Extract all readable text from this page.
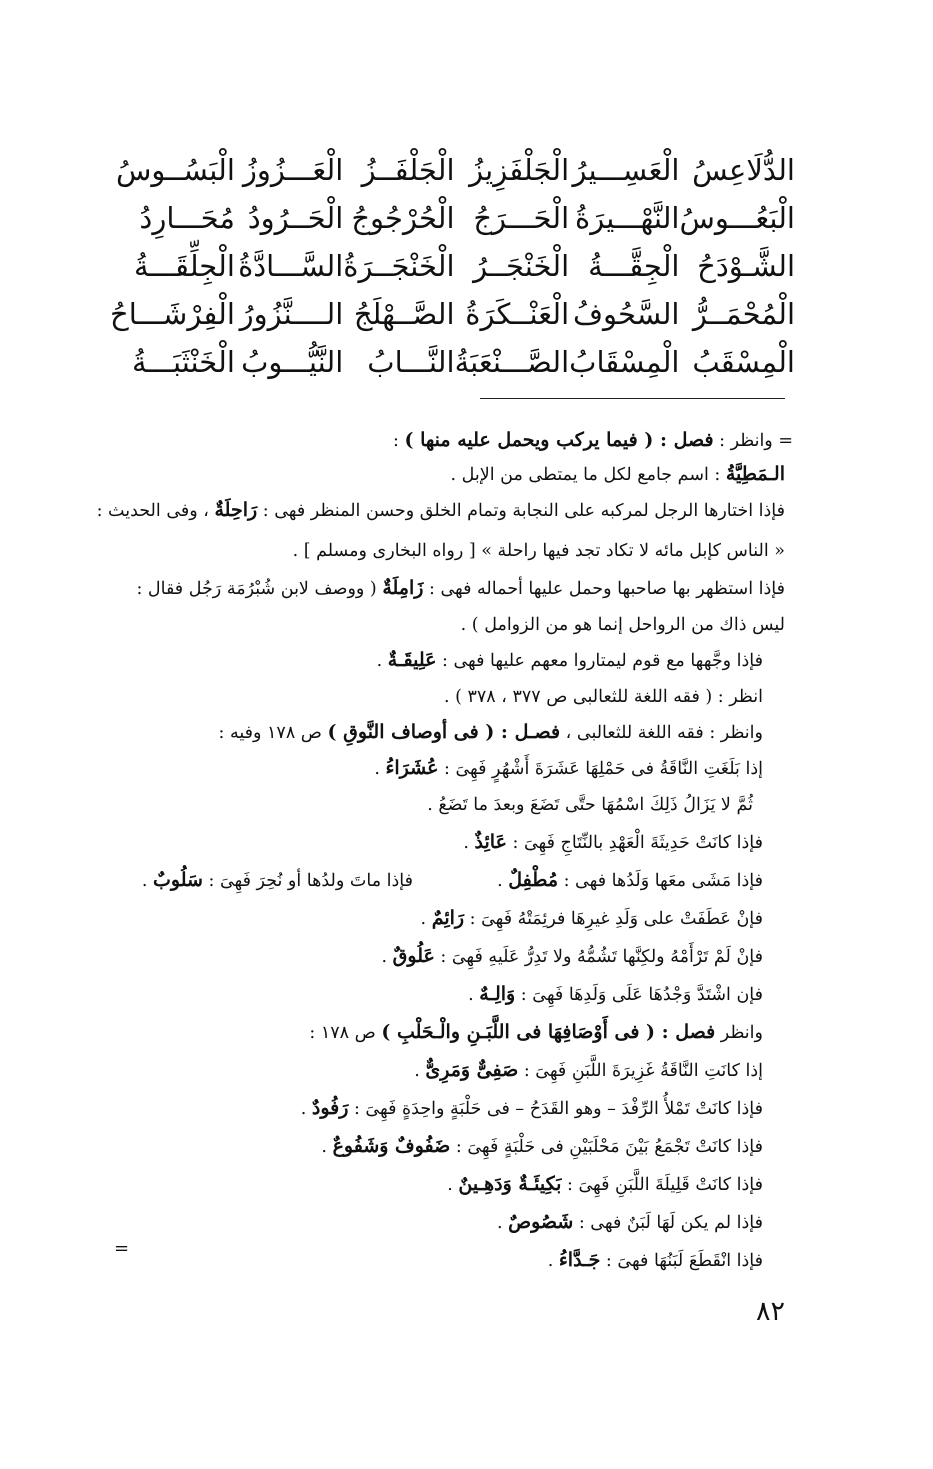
الدُّلَاعِسُ
الْعَسِـــيرُ
الْجَلْفَزِيزُ
الْجَلْفَــزُ
الْعَـــزُوزُ
الْبَسُــوسُ
الْبَعُـــوسُ
النَّهْـــيرَةُ
الْحَـــرَجُ
الْحُرْجُوجُ
الْحَــرُودُ
مُحَـــارِدُ
الشَّـوْدَحُ
الْجِقَّـــةُ
الْخَنْجَــرُ
الْخَنْجَــرَةُ
السَّـــادَّةُ
الْجِلِّقَـــةُ
الْمُحْمَــرُّ
السَّحُوفُ
الْعَنْــكَرَةُ
الصَّــهْلَجُ
الــــنَّزُورُ
الْفِرْشَـــاحُ
الْمِسْقَبُ
الْمِسْقَابُ
الصَّـــنْعَبَةُ
النَّـــابُ
النَّيُّـــوبُ
الْخَنْثَبَـــةُ
= وانظر : فصل : ( فيما يركب ويحمل عليه منها ) :
الـمَطِيَّةُ : اسم جامع لكل ما يمتطى من الإبل .
فإذا اختارها الرجل لمركبه على النجابة وتمام الخلق وحسن المنظر فهى : رَاحِلَةٌ ، وفى الحديث :
« الناس كإبل مائه لا تكاد تجد فيها راحلة » [ رواه البخارى ومسلم ] .
فإذا استظهر بها صاحبها وحمل عليها أحماله فهى : زَامِلَةٌ ( ووصف لابن شُبْرُمَة رَجُل فقال :
ليس ذاك من الرواحل إنما هو من الزوامل ) .
فإذا وجَّهها مع قوم ليمتاروا معهم عليها فهى : عَلِيقَـةٌ .
انظر : ( فقه اللغة للثعالبى ص ٣٧٧ ، ٣٧٨ ) .
وانظر : فقه اللغة للثعالبى ، فصـل : ( فى أوصاف النَّوقِ ) ص ١٧٨ وفيه :
إذا بَلَغَتِ النَّاقَةُ فى حَمْلِهَا عَشَرَةَ أَشْهُرٍ فَهِىَ : عُشَرَاءُ .
ثُمَّ لا يَزَالُ ذَلِكَ اسْمُهَا حتَّى تَضَعَ وبعدَ ما تَضَعُ .
فإذا كانَتْ حَدِيثَةَ الْعَهْدِ بالنِّتَاجِ فَهِىَ : عَائِذٌ .
فإذا مَشَى معَها وَلَدُها فهى : مُطْفِلٌ .
فإذا ماتَ ولدُها أو نُحِرَ فَهِىَ : سَلُوبٌ .
فإنْ عَطَفَتْ على وَلَدِ غيرِهَا فرئِمَتْهُ فَهِىَ : رَائِمٌ .
فإنْ لَمْ تَرْأَمْهُ ولكِنَّها تَشُمُّهُ ولا تَدِرُّ عَلَيهِ فَهِىَ : عَلُوقٌ .
فإن اشْتَدَّ وَجْدُهَا عَلَى وَلَدِهَا فَهِىَ : وَالِـهٌ .
وانظر فصل : ( فى أَوْصَافِهَا فى اللَّبَـنِ والْـحَلْبِ ) ص ١٧٨ :
إذا كانَتِ النَّاقَةُ غَزِيرَةَ اللَّبَنِ فَهِىَ : صَفِىٌّ وَمَرِىٌّ .
فإذا كانَتْ تَمْلأُ الرِّفْدَ – وهو القَدَحُ – فى حَلْبَةٍ واحِدَةٍ فَهِىَ : رَفُودٌ .
فإذا كانَتْ تَجْمَعُ بَيْنَ مَحْلَبَيْنِ فى حَلْبَةٍ فَهِىَ : ضَفُوفٌ وَشَفُوعٌ .
فإذا كانَتْ قَلِيلَةَ اللَّبَنِ فَهِىَ : بَكِيئَـةٌ وَدَهِـينٌ .
فإذا لم يكن لَهَا لَبَنٌ فهى : شَصُوصٌ .
فإذا انْقَطَعَ لَبَنُهَا فهىَ : جَـدَّاءُ .
=
٨٢
